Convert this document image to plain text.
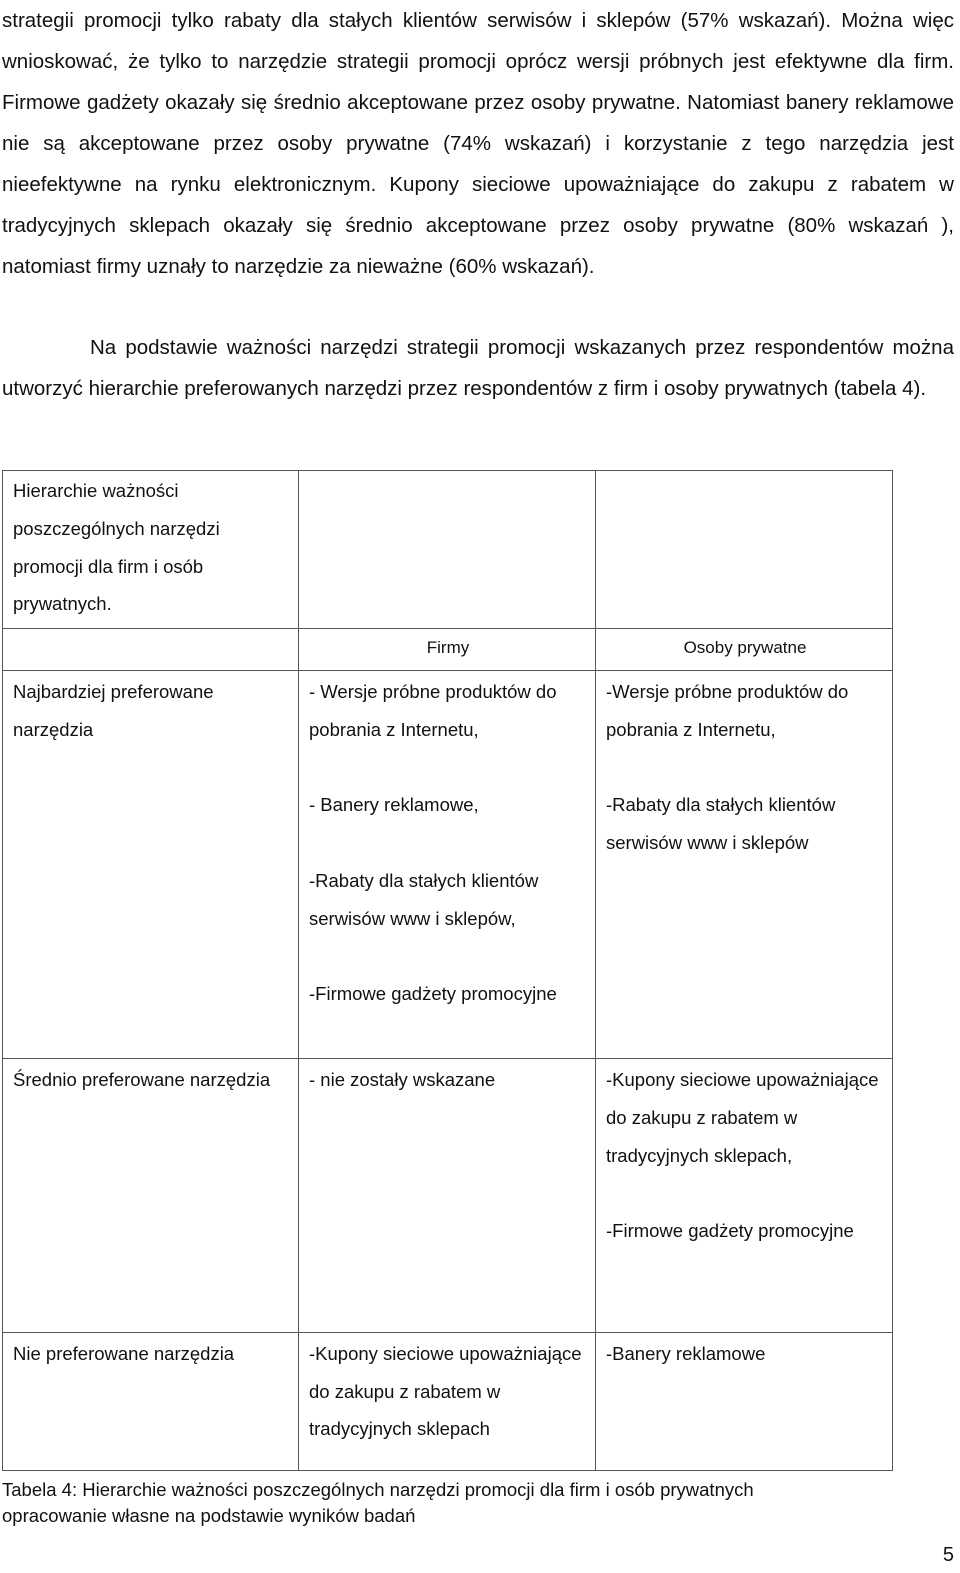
strategii promocji tylko rabaty dla stałych klientów serwisów i sklepów (57% wskazań). Można więc wnioskować, że tylko to narzędzie strategii promocji oprócz wersji próbnych jest efektywne dla firm. Firmowe gadżety okazały się średnio akceptowane przez osoby prywatne. Natomiast banery reklamowe nie są akceptowane przez osoby prywatne (74% wskazań) i korzystanie z tego narzędzia jest nieefektywne na rynku elektronicznym. Kupony sieciowe upoważniające do zakupu z rabatem w tradycyjnych sklepach okazały się średnio akceptowane przez osoby prywatne (80% wskazań ), natomiast firmy uznały to narzędzie za nieważne (60% wskazań).

Na podstawie ważności narzędzi strategii promocji wskazanych przez respondentów można utworzyć hierarchie preferowanych narzędzi przez respondentów z firm i osoby prywatnych (tabela 4).

Hierarchie ważności poszczególnych narzędzi promocji dla firm i osób prywatnych.		
	Firmy	Osoby prywatne
Najbardziej preferowane narzędzia	- Wersje próbne produktów do pobrania z Internetu,
- Banery reklamowe,
-Rabaty dla stałych klientów serwisów www i sklepów,
-Firmowe gadżety promocyjne	-Wersje próbne produktów do pobrania z Internetu,
-Rabaty dla stałych klientów serwisów www i sklepów

Średnio preferowane narzędzia	- nie zostały wskazane	-Kupony sieciowe upoważniające do zakupu z rabatem w tradycyjnych sklepach,
-Firmowe gadżety promocyjne

Nie preferowane narzędzia	-Kupony sieciowe upoważniające do zakupu z rabatem w tradycyjnych sklepach	-Banery reklamowe

Tabela 4: Hierarchie ważności poszczególnych narzędzi promocji dla firm i osób prywatnych
opracowanie własne na podstawie wyników badań

5
